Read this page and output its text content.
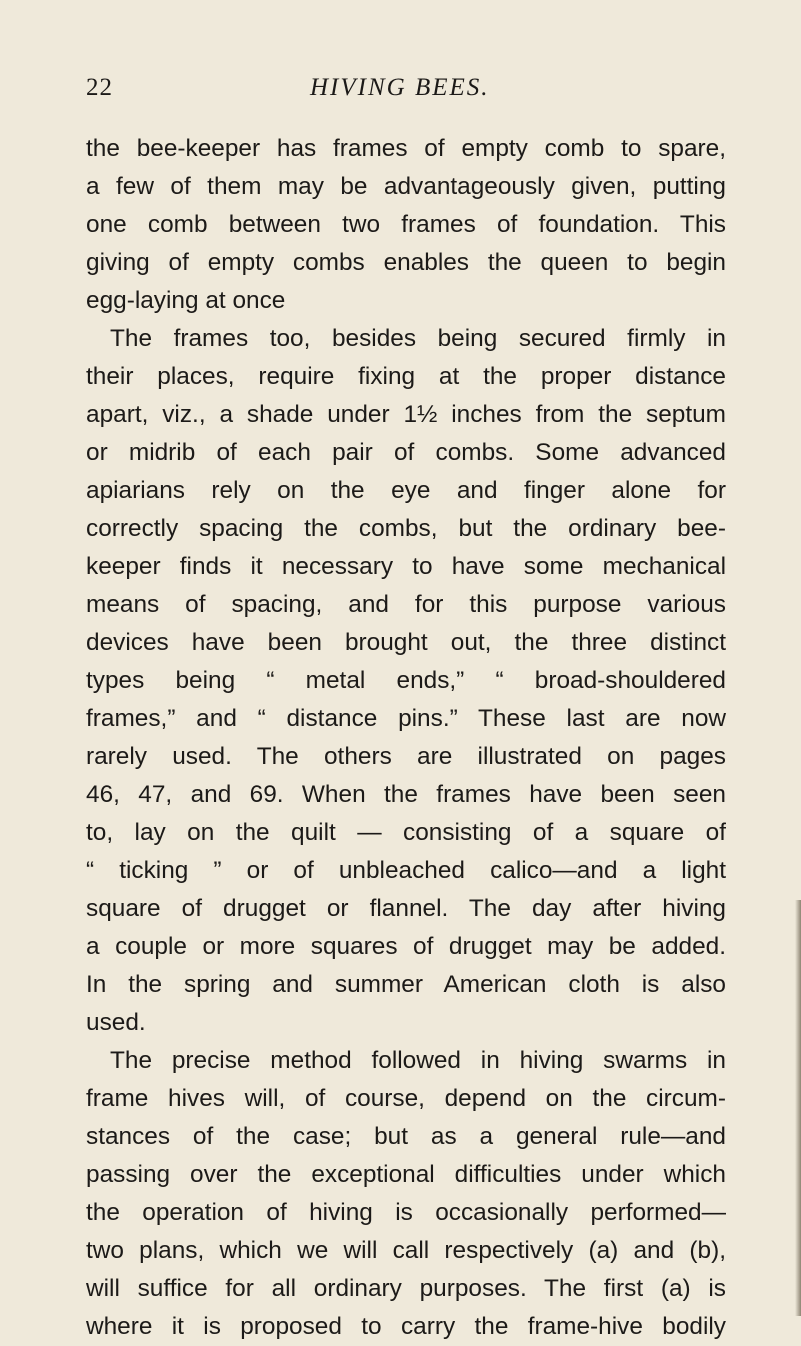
22	HIVING BEES.
the bee-keeper has frames of empty comb to spare,
a few of them may be advantageously given, putting
one comb between two frames of foundation. This
giving of empty combs enables the queen to begin
egg-laying at once
The frames too, besides being secured firmly in
their places, require fixing at the proper distance
apart, viz., a shade under 1½ inches from the septum
or midrib of each pair of combs. Some advanced
apiarians rely on the eye and finger alone for
correctly spacing the combs, but the ordinary bee-
keeper finds it necessary to have some mechanical
means of spacing, and for this purpose various
devices have been brought out, the three distinct
types being “ metal ends,” “ broad-shouldered
frames,” and “ distance pins.” These last are now
rarely used. The others are illustrated on pages
46, 47, and 69. When the frames have been seen
to, lay on the quilt — consisting of a square of
“ ticking ” or of unbleached calico—and a light
square of drugget or flannel. The day after hiving
a couple or more squares of drugget may be added.
In the spring and summer American cloth is also
used.
The precise method followed in hiving swarms in
frame hives will, of course, depend on the circum-
stances of the case; but as a general rule—and
passing over the exceptional difficulties under which
the operation of hiving is occasionally performed—
two plans, which we will call respectively (a) and (b),
will suffice for all ordinary purposes. The first (a) is
where it is proposed to carry the frame-hive bodily
